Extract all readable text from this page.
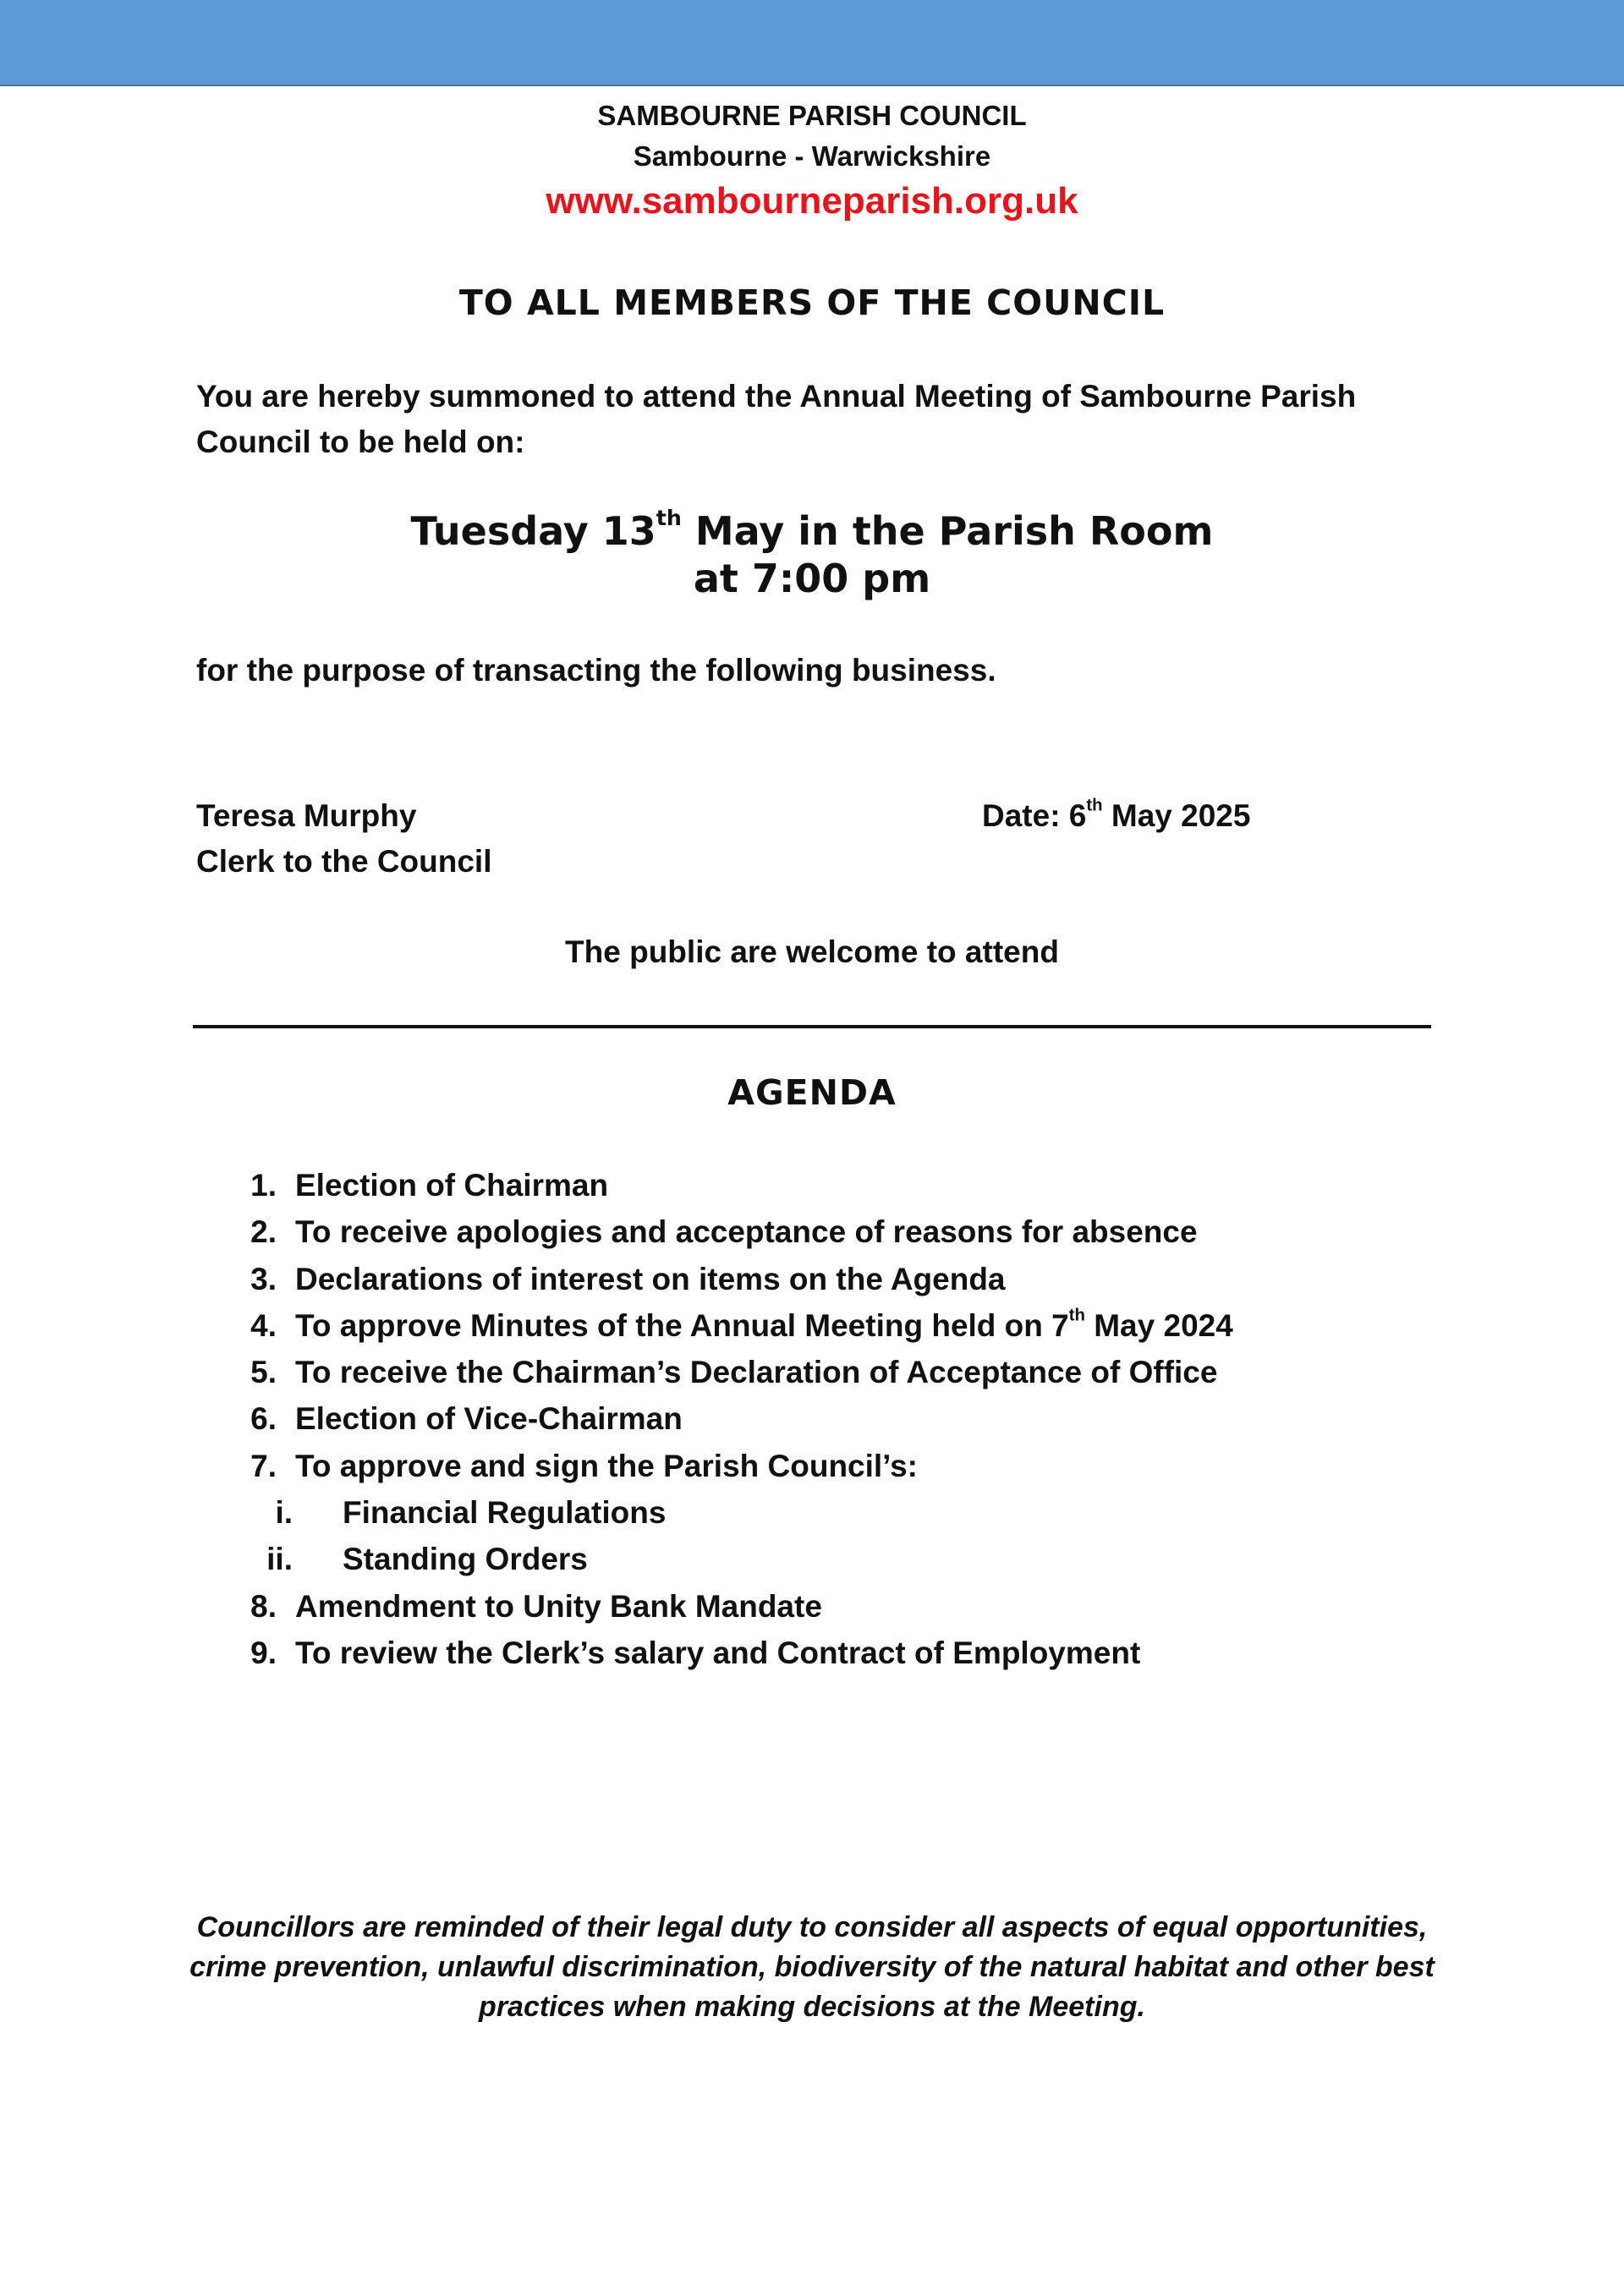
SAMBOURNE PARISH COUNCIL
Sambourne - Warwickshire
www.sambourneparish.org.uk
TO ALL MEMBERS OF THE COUNCIL
You are hereby summoned to attend the Annual Meeting of Sambourne Parish Council to be held on:
Tuesday 13th May in the Parish Room
at 7:00 pm
for the purpose of transacting the following business.
Teresa Murphy
Clerk to the Council
Date: 6th May 2025
The public are welcome to attend
AGENDA
1. Election of Chairman
2. To receive apologies and acceptance of reasons for absence
3. Declarations of interest on items on the Agenda
4. To approve Minutes of the Annual Meeting held on 7th May 2024
5. To receive the Chairman’s Declaration of Acceptance of Office
6. Election of Vice-Chairman
7. To approve and sign the Parish Council’s:
i. Financial Regulations
ii. Standing Orders
8. Amendment to Unity Bank Mandate
9. To review the Clerk’s salary and Contract of Employment
Councillors are reminded of their legal duty to consider all aspects of equal opportunities, crime prevention, unlawful discrimination, biodiversity of the natural habitat and other best practices when making decisions at the Meeting.
